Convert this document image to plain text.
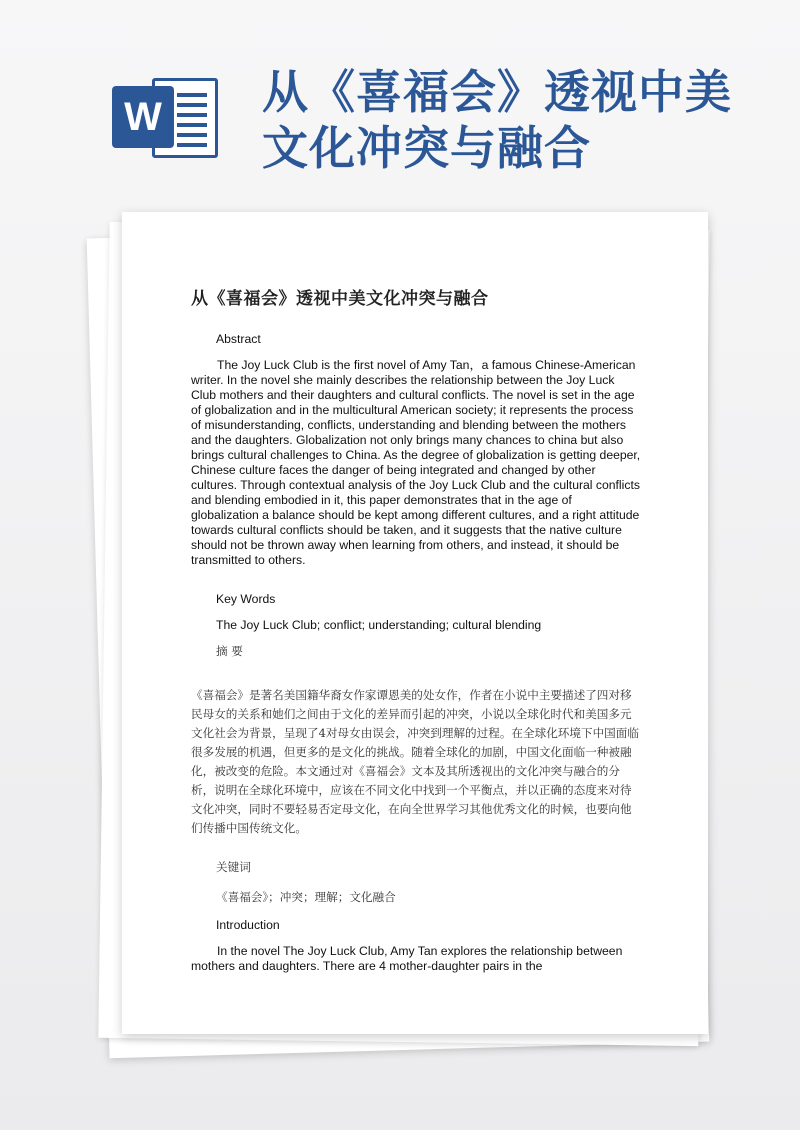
W 从《喜福会》透视中美
文化冲突与融合
从《喜福会》透视中美文化冲突与融合

Abstract

The Joy Luck Club is the first novel of Amy Tan，a famous Chinese-American writer. In the novel she mainly describes the relationship between the Joy Luck Club mothers and their daughters and cultural conflicts. The novel is set in the age of globalization and in the multicultural American society; it represents the process of misunderstanding, conflicts, understanding and blending between the mothers and the daughters. Globalization not only brings many chances to china but also brings cultural challenges to China. As the degree of globalization is getting deeper, Chinese culture faces the danger of being integrated and changed by other cultures. Through contextual analysis of the Joy Luck Club and the cultural conflicts and blending embodied in it, this paper demonstrates that in the age of globalization a balance should be kept among different cultures, and a right attitude towards cultural conflicts should be taken, and it suggests that the native culture should not be thrown away when learning from others, and instead, it should be transmitted to others.

Key Words

The Joy Luck Club; conflict; understanding; cultural blending

摘 要

《喜福会》是著名美国籍华裔女作家谭恩美的处女作，作者在小说中主要描述了四对移民母女的关系和她们之间由于文化的差异而引起的冲突，小说以全球化时代和美国多元文化社会为背景，呈现了4对母女由误会，冲突到理解的过程。在全球化环境下中国面临很多发展的机遇，但更多的是文化的挑战。随着全球化的加剧，中国文化面临一种被融化，被改变的危险。本文通过对《喜福会》文本及其所透视出的文化冲突与融合的分析，说明在全球化环境中，应该在不同文化中找到一个平衡点，并以正确的态度来对待文化冲突，同时不要轻易否定母文化，在向全世界学习其他优秀文化的时候，也要向他们传播中国传统文化。

关键词

《喜福会》；冲突；理解；文化融合

Introduction

In the novel The Joy Luck Club, Amy Tan explores the relationship between mothers and daughters. There are 4 mother-daughter pairs in the
